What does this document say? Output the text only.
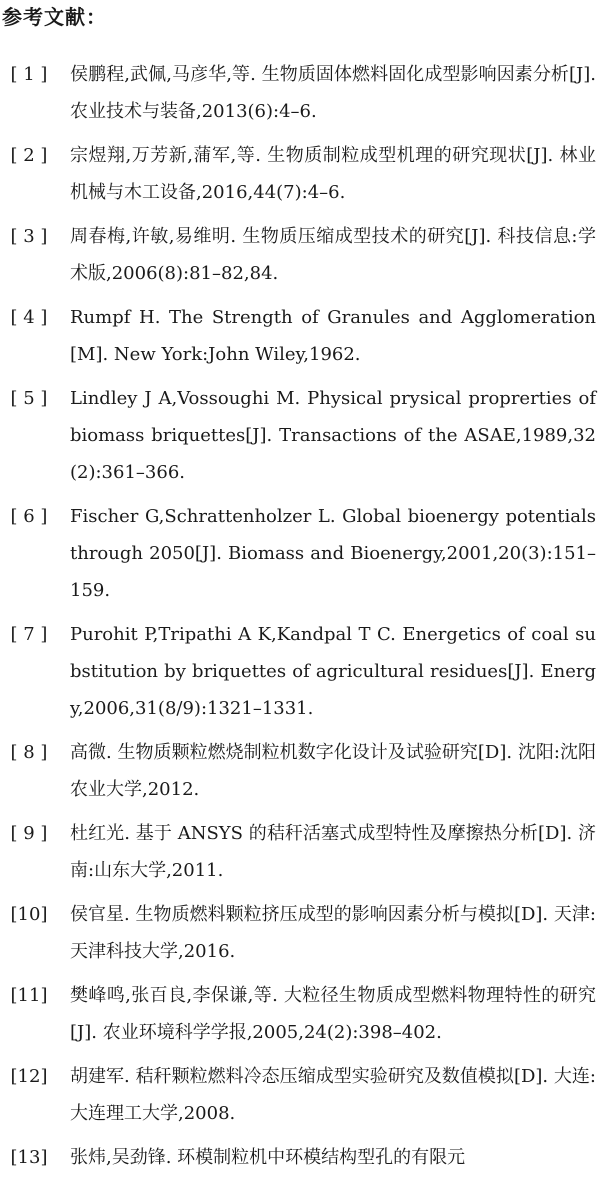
参考文献：
[ 1 ]	侯鹏程,武佩,马彦华,等. 生物质固体燃料固化成型影响因素分析[J]. 农业技术与装备,2013(6):4–6.
[ 2 ]	宗煜翔,万芳新,蒲军,等. 生物质制粒成型机理的研究现状[J]. 林业机械与木工设备,2016,44(7):4–6.
[ 3 ]	周春梅,许敏,易维明. 生物质压缩成型技术的研究[J]. 科技信息:学术版,2006(8):81–82,84.
[ 4 ]	Rumpf H. The Strength of Granules and Agglomeration[M]. New York:John Wiley,1962.
[ 5 ]	Lindley J A,Vossoughi M. Physical prysical proprerties of biomass briquettes[J]. Transactions of the ASAE,1989,32(2):361–366.
[ 6 ]	Fischer G,Schrattenholzer L. Global bioenergy potentials through 2050[J]. Biomass and Bioenergy,2001,20(3):151–159.
[ 7 ]	Purohit P,Tripathi A K,Kandpal T C. Energetics of coal substitution by briquettes of agricultural residues[J]. Energy,2006,31(8/9):1321–1331.
[ 8 ]	高微. 生物质颗粒燃烧制粒机数字化设计及试验研究[D]. 沈阳:沈阳农业大学,2012.
[ 9 ]	杜红光. 基于 ANSYS 的秸秆活塞式成型特性及摩擦热分析[D]. 济南:山东大学,2011.
[10]	侯官星. 生物质燃料颗粒挤压成型的影响因素分析与模拟[D]. 天津:天津科技大学,2016.
[11]	樊峰鸣,张百良,李保谦,等. 大粒径生物质成型燃料物理特性的研究[J]. 农业环境科学学报,2005,24(2):398–402.
[12]	胡建军. 秸秆颗粒燃料冷态压缩成型实验研究及数值模拟[D]. 大连:大连理工大学,2008.
[13]	张炜,吴劲锋. 环模制粒机中环模结构型孔的有限元
